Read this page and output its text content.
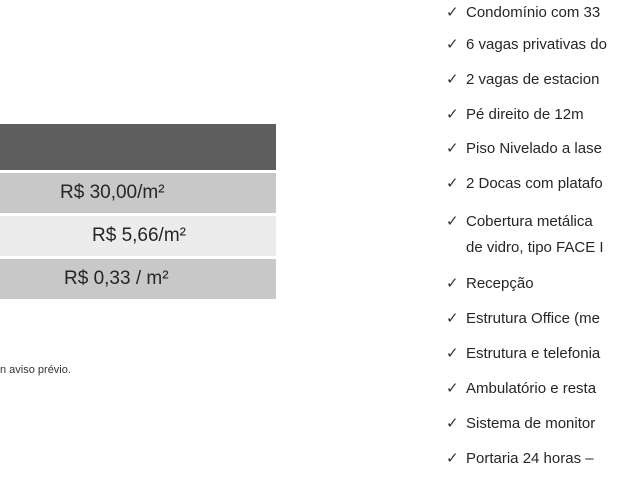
R$ 30,00/m²
R$ 5,66/m²
R$ 0,33 / m²
n aviso prévio.
✓ Condomínio com 33
✓ 6 vagas privativas do
✓ 2 vagas de estacion
✓ Pé direito de 12m
✓ Piso Nivelado a lase
✓ 2 Docas com platafo
✓ Cobertura metálica
de vidro, tipo FACE I
✓ Recepção
✓ Estrutura Office (me
✓ Estrutura e telefonia
✓ Ambulatório e resta
✓ Sistema de monitor
✓ Portaria 24 horas –
